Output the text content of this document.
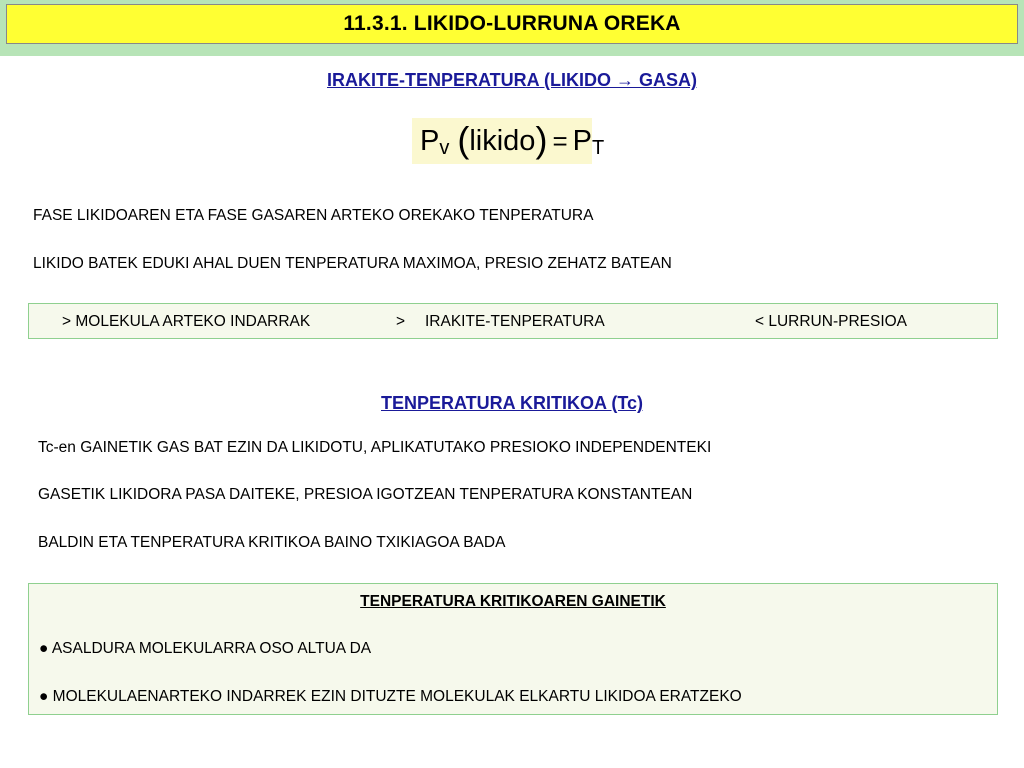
11.3.1. LIKIDO-LURRUNA OREKA
IRAKITE-TENPERATURA (LIKIDO → GASA)
P v ( likido ) = P T
FASE LIKIDOAREN ETA FASE GASAREN ARTEKO OREKAKO TENPERATURA
LIKIDO BATEK EDUKI AHAL DUEN TENPERATURA MAXIMOA, PRESIO ZEHATZ BATEAN
> MOLEKULA ARTEKO INDARRAK	> IRAKITE-TENPERATURA	< LURRUN-PRESIOA
TENPERATURA KRITIKOA (Tc)
Tc-en GAINETIK GAS BAT EZIN DA LIKIDOTU, APLIKATUTAKO PRESIOKO INDEPENDENTEKI
GASETIK LIKIDORA PASA DAITEKE, PRESIOA IGOTZEAN TENPERATURA KONSTANTEAN
BALDIN ETA TENPERATURA KRITIKOA BAINO TXIKIAGOA BADA
TENPERATURA KRITIKOAREN GAINETIK
● ASALDURA MOLEKULARRA OSO ALTUA DA
● MOLEKULAENARTEKO INDARREK EZIN DITUZTE MOLEKULAK ELKARTU LIKIDOA ERATZEKO
